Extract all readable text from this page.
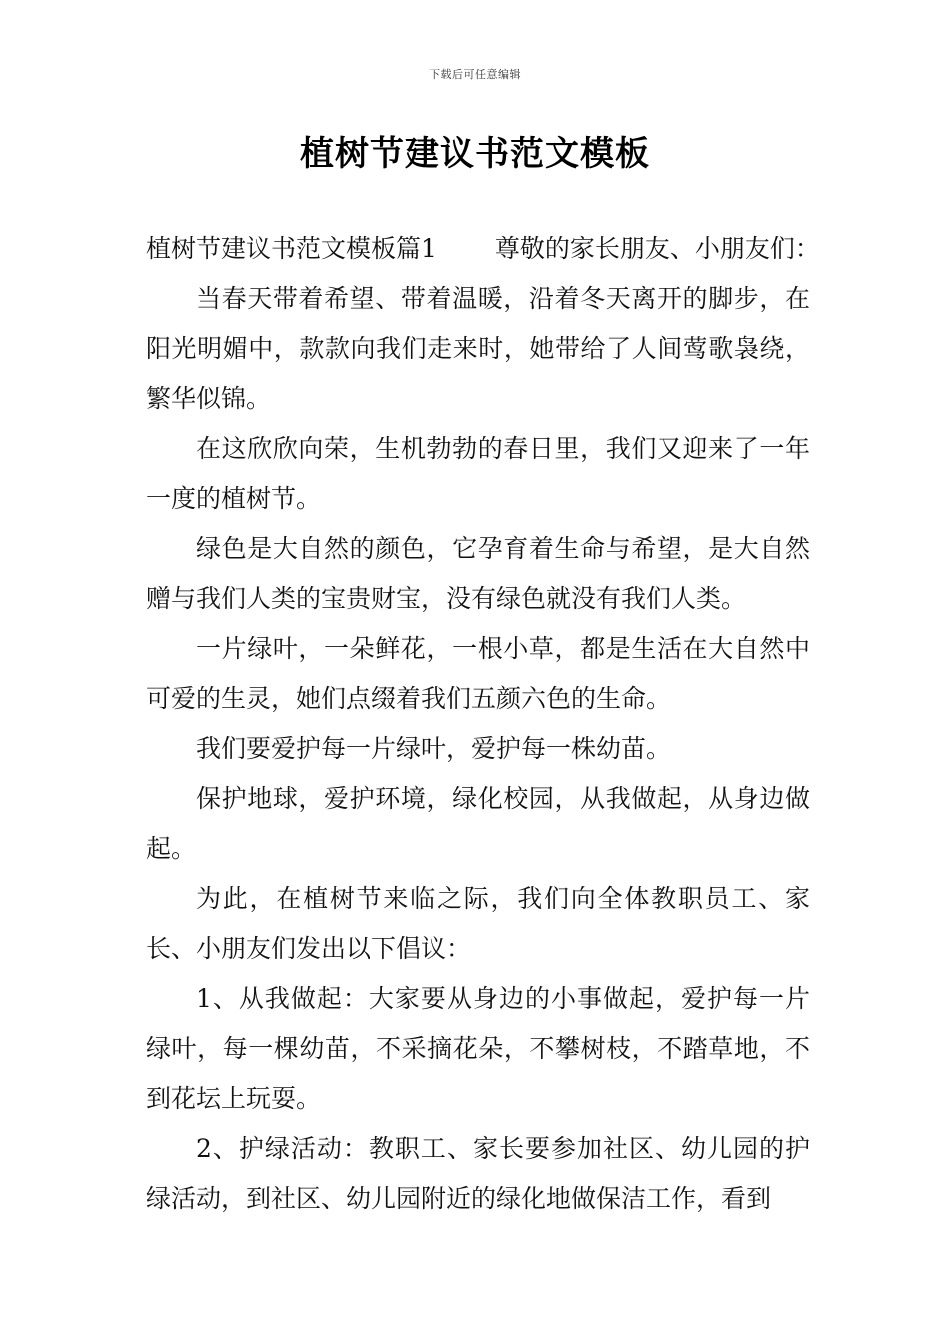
下载后可任意编辑
植树节建议书范文模板

植树节建议书范文模板篇1 尊敬的家长朋友、小朋友们：

当春天带着希望、带着温暖，沿着冬天离开的脚步，在阳光明媚中，款款向我们走来时，她带给了人间莺歌袅绕，繁华似锦。

在这欣欣向荣，生机勃勃的春日里，我们又迎来了一年一度的植树节。

绿色是大自然的颜色，它孕育着生命与希望，是大自然赠与我们人类的宝贵财宝，没有绿色就没有我们人类。

一片绿叶，一朵鲜花，一根小草，都是生活在大自然中可爱的生灵，她们点缀着我们五颜六色的生命。

我们要爱护每一片绿叶，爱护每一株幼苗。

保护地球，爱护环境，绿化校园，从我做起，从身边做起。

为此，在植树节来临之际，我们向全体教职员工、家长、小朋友们发出以下倡议：

1、从我做起：大家要从身边的小事做起，爱护每一片绿叶，每一棵幼苗，不采摘花朵，不攀树枝，不踏草地，不到花坛上玩耍。

2、护绿活动：教职工、家长要参加社区、幼儿园的护绿活动，到社区、幼儿园附近的绿化地做保洁工作，看到
